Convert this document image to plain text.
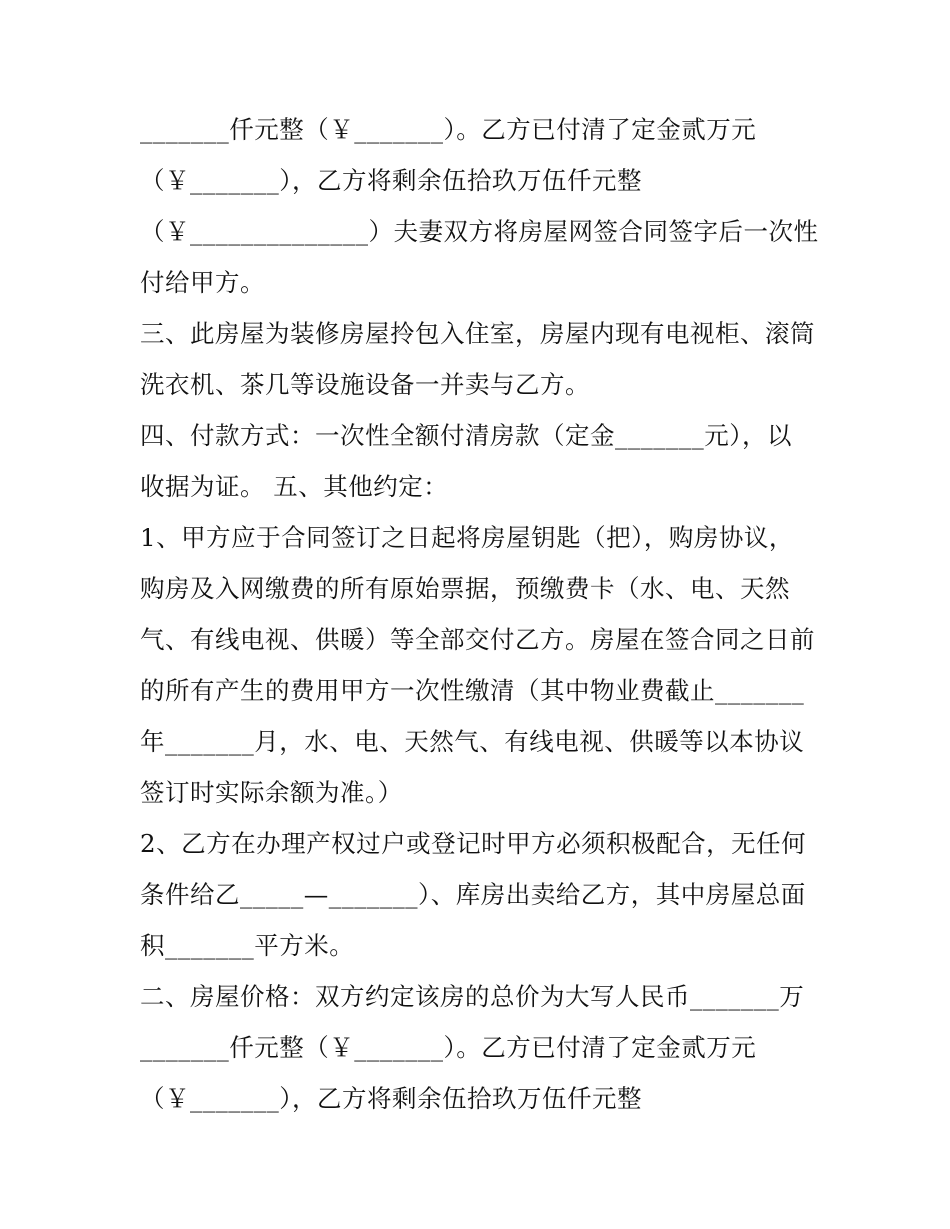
_______仟元整（￥_______）。乙方已付清了定金贰万元
（￥_______），乙方将剩余伍拾玖万伍仟元整
（￥______________）夫妻双方将房屋网签合同签字后一次性
付给甲方。
三、此房屋为装修房屋拎包入住室，房屋内现有电视柜、滚筒
洗衣机、茶几等设施设备一并卖与乙方。
四、付款方式：一次性全额付清房款（定金_______元），以
收据为证。 五、其他约定：
1、甲方应于合同签订之日起将房屋钥匙（把），购房协议，
购房及入网缴费的所有原始票据，预缴费卡（水、电、天然
气、有线电视、供暖）等全部交付乙方。房屋在签合同之日前
的所有产生的费用甲方一次性缴清（其中物业费截止_______
年_______月，水、电、天然气、有线电视、供暖等以本协议
签订时实际余额为准。）
2、乙方在办理产权过户或登记时甲方必须积极配合，无任何
条件给乙_____—_______）、库房出卖给乙方，其中房屋总面
积_______平方米。
二、房屋价格：双方约定该房的总价为大写人民币_______万
_______仟元整（￥_______）。乙方已付清了定金贰万元
（￥_______），乙方将剩余伍拾玖万伍仟元整
